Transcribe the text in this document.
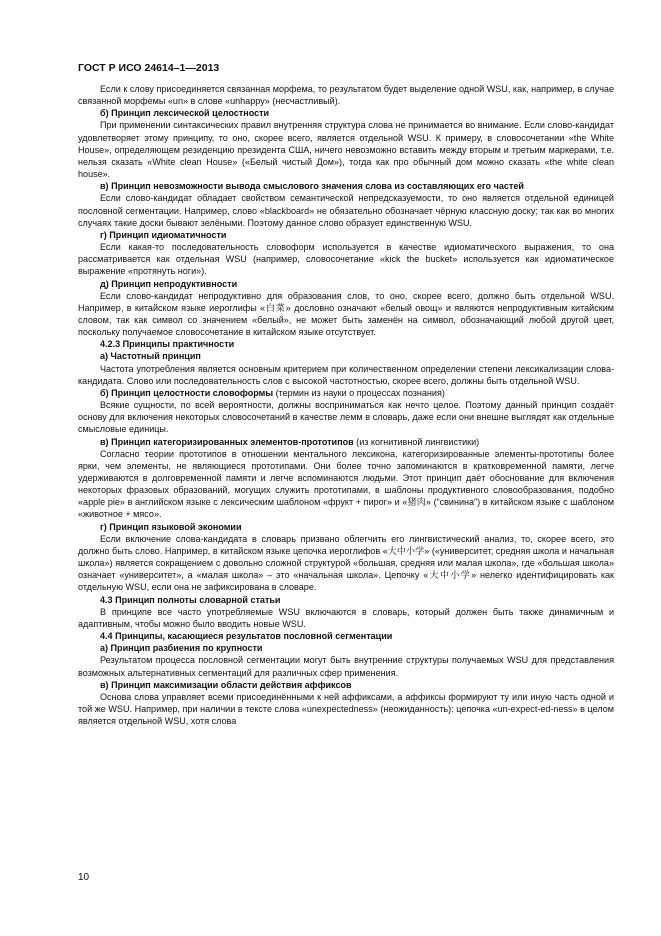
ГОСТ Р ИСО 24614–1—2013

Если к слову присоединяется связанная морфема, то результатом будет выделение одной WSU, как, например, в случае связанной морфемы «un» в слове «unhappy» (несчастливый).

б) Принцип лексической целостности

При применении синтаксических правил внутренняя структура слова не принимается во внимание. Если слово-кандидат удовлетворяет этому принципу, то оно, скорее всего, является отдельной WSU. К примеру, в словосочетании «the White House», определяющем резиденцию президента США, ничего невозможно вставить между вторым и третьим маркерами, т.е. нельзя сказать «White clean House» («Белый чистый Дом»), тогда как про обычный дом можно сказать «the white clean house».

в) Принцип невозможности вывода смыслового значения слова из составляющих его частей

Если слово-кандидат обладает свойством семантической непредсказуемости, то оно является отдельной единицей пословной сегментации. Например, слово «blackboard» не обязательно обозначает чёрную классную доску; так как во многих случаях такие доски бывают зелёными. Поэтому данное слово образует единственную WSU.

г) Принцип идиоматичности

Если какая-то последовательность словоформ используется в качестве идиоматического выражения, то она рассматривается как отдельная WSU (например, словосочетание «kick the bucket» используется как идиоматическое выражение «протянуть ноги»).

д) Принцип непродуктивности

Если слово-кандидат непродуктивно для образования слов, то оно, скорее всего, должно быть отдельной WSU. Например, в китайском языке иероглифы «白菜» дословно означают «белый овощ» и являются непродуктивным китайским словом, так как символ со значением «белый», не может быть заменён на символ, обозначающий любой другой цвет, поскольку получаемое словосочетание в китайском языке отсутствует.

4.2.3 Принципы практичности

а) Частотный принцип

Частота употребления является основным критерием при количественном определении степени лексикализации слова-кандидата. Слово или последовательность слов с высокой частотностью, скорее всего, должны быть отдельной WSU.

б) Принцип целостности словоформы (термин из науки о процессах познания)

Всякие сущности, по всей вероятности, должны восприниматься как нечто целое. Поэтому данный принцип создаёт основу для включения некоторых словосочетаний в качестве лемм в словарь, даже если они внешне выглядят как отдельные смысловые единицы.

в) Принцип категоризированных элементов-прототипов (из когнитивной лингвистики)

Согласно теории прототипов в отношении ментального лексикона, категоризированные элементы-прототипы более ярки, чем элементы, не являющиеся прототипами. Они более точно запоминаются в кратковременной памяти, легче удерживаются в долговременной памяти и легче вспоминаются людьми. Этот принцип даёт обоснование для включения некоторых фразовых образований, могущих служить прототипами, в шаблоны продуктивного словообразования, подобно «apple pie» в английском языке с лексическим шаблоном «фрукт + пирог» и «猪肉» (“свинина”) в китайском языке с шаблоном «животное + мясо».

г) Принцип языковой экономии

Если включение слова-кандидата в словарь призвано облегчить его лингвистический анализ, то, скорее всего, это должно быть слово. Например, в китайском языке цепочка иероглифов «大中小学» («университет, средняя школа и начальная школа») является сокращением с довольно сложной структурой «большая, средняя или малая школа», где «большая школа» означает «университет», а «малая школа» – это «начальная школа». Цепочку «大中小学» нелегко идентифицировать как отдельную WSU, если она не зафиксирована в словаре.

4.3 Принцип полноты словарной статьи

В принципе все часто употребляемые WSU включаются в словарь, который должен быть также динамичным и адаптивным, чтобы можно было вводить новые WSU.

4.4 Принципы, касающиеся результатов пословной сегментации

а) Принцип разбиения по крупности

Результатом процесса пословной сегментации могут быть внутренние структуры получаемых WSU для представления возможных альтернативных сегментаций для различных сфер применения.

в) Принцип максимизации области действия аффиксов

Основа слова управляет всеми присоединёнными к ней аффиксами, а аффиксы формируют ту или иную часть одной и той же WSU. Например, при наличии в тексте слова «unexpectedness» (неожиданность): цепочка «un-expect-ed-ness» в целом является отдельной WSU, хотя слова

10
